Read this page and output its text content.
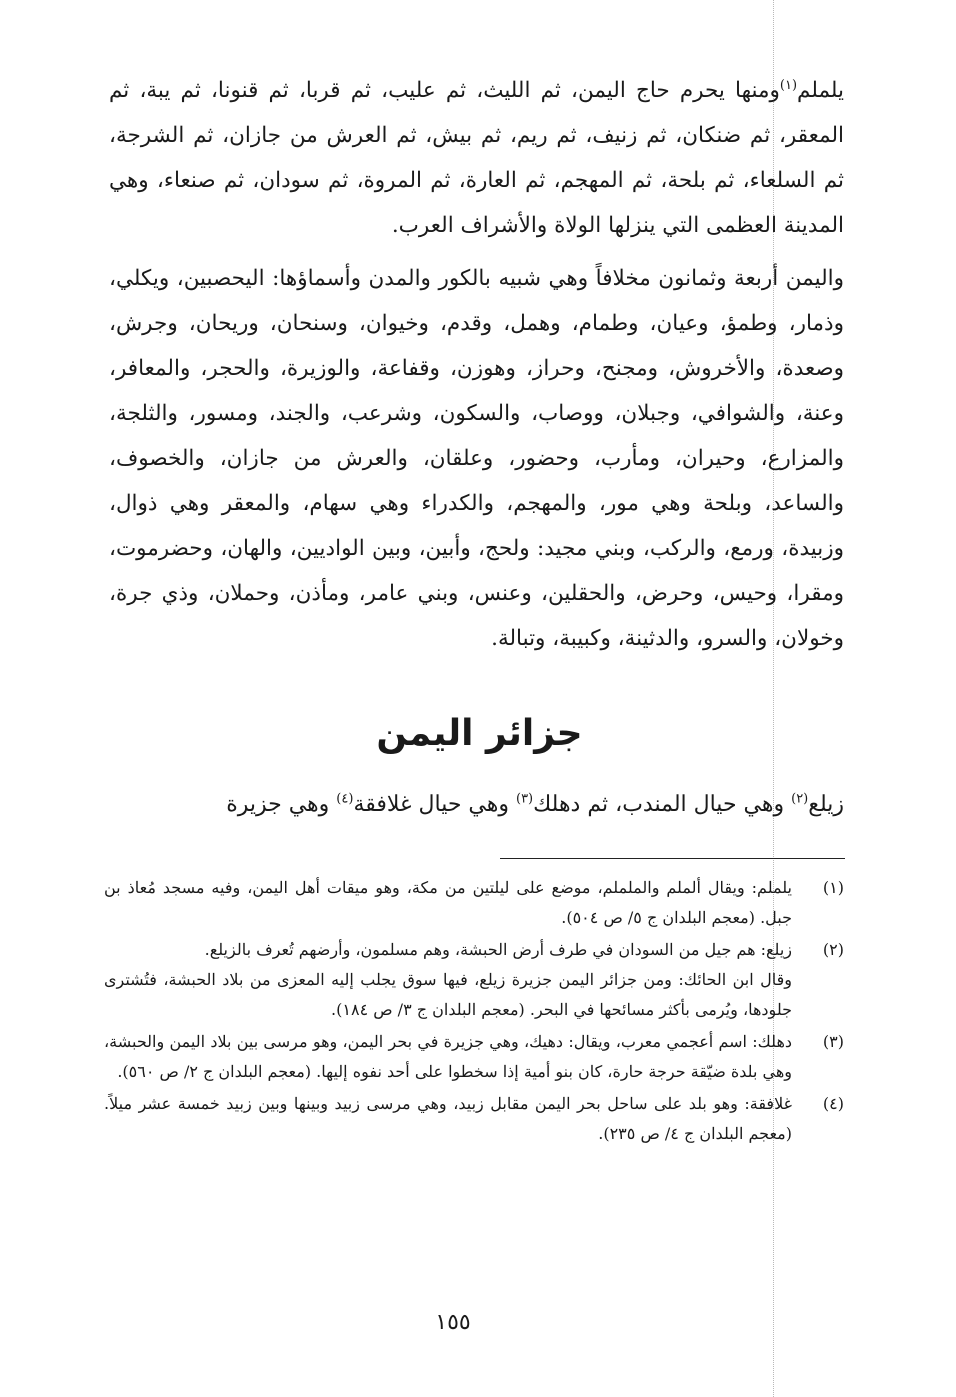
يلملم$^{(١)}$ومنها يحرم حاج اليمن، ثم الليث، ثم عليب، ثم قربا، ثم قنونا، ثم يبة، ثم المعقر، ثم ضنكان، ثم زنيف، ثم ريم، ثم بيش، ثم العرش من جازان، ثم الشرجة، ثم السلعاء، ثم بلحة، ثم المهجم، ثم العارة، ثم المروة، ثم سودان، ثم صنعاء، وهي المدينة العظمى التي ينزلها الولاة والأشراف العرب.

واليمن أربعة وثمانون مخلافاً وهي شبيه بالكور والمدن وأسماؤها: اليحصبين، ويكلي، وذمار، وطمؤ، وعيان، وطمام، وهمل، وقدم، وخيوان، وسنحان، وريحان، وجرش، وصعدة، والأخروش، ومجنح، وحراز، وهوزن، وقفاعة، والوزيرة، والحجر، والمعافر، وعنة، والشوافي، وجبلان، ووصاب، والسكون، وشرعب، والجند، ومسور، والثلجة، والمزارع، وحيران، ومأرب، وحضور، وعلقان، والعرش من جازان، والخصوف، والساعد، وبلحة وهي مور، والمهجم، والكدراء وهي سهام، والمعقر وهي ذوال، وزبيدة، ورمع، والركب، وبني مجيد: ولحج، وأبين، وبين الواديين، والهان، وحضرموت، ومقرا، وحيس، وحرض، والحقلين، وعنس، وبني عامر، ومأذن، وحملان، وذي جرة، وخولان، والسرو، والدثينة، وكبيبة، وتبالة.

جزائر اليمن

زيلع$^{(٢)}$ وهي حيال المندب، ثم دهلك$^{(٣)}$ وهي حيال غلافقة$^{(٤)}$ وهي جزيرة

(١)

يلملم: ويقال ألملم والململم، موضع على ليلتين من مكة، وهو ميقات أهل اليمن، وفيه مسجد مُعاذ بن جبل. (معجم البلدان ج ٥/ ص ٥٠٤).

(٢)

زيلع: هم جيل من السودان في طرف أرض الحبشة، وهم مسلمون، وأرضهم تُعرف بالزيلع.

وقال ابن الحائك: ومن جزائر اليمن جزيرة زيلع، فيها سوق يجلب إليه المعزى من بلاد الحبشة، فتُشترى جلودها، ويُرمى بأكثر مسائحها في البحر. (معجم البلدان ج ٣/ ص ١٨٤).

(٣)

دهلك: اسم أعجمي معرب، ويقال: دهيك، وهي جزيرة في بحر اليمن، وهو مرسى بين بلاد اليمن والحبشة، وهي بلدة ضيّقة حرجة حارة، كان بنو أمية إذا سخطوا على أحد نفوه إليها. (معجم البلدان ج ٢/ ص ٥٦٠).

(٤)

غلافقة: وهو بلد على ساحل بحر اليمن مقابل زبيد، وهي مرسى زبيد وبينها وبين زبيد خمسة عشر ميلاً. (معجم البلدان ج ٤/ ص ٢٣٥).

١٥٥
